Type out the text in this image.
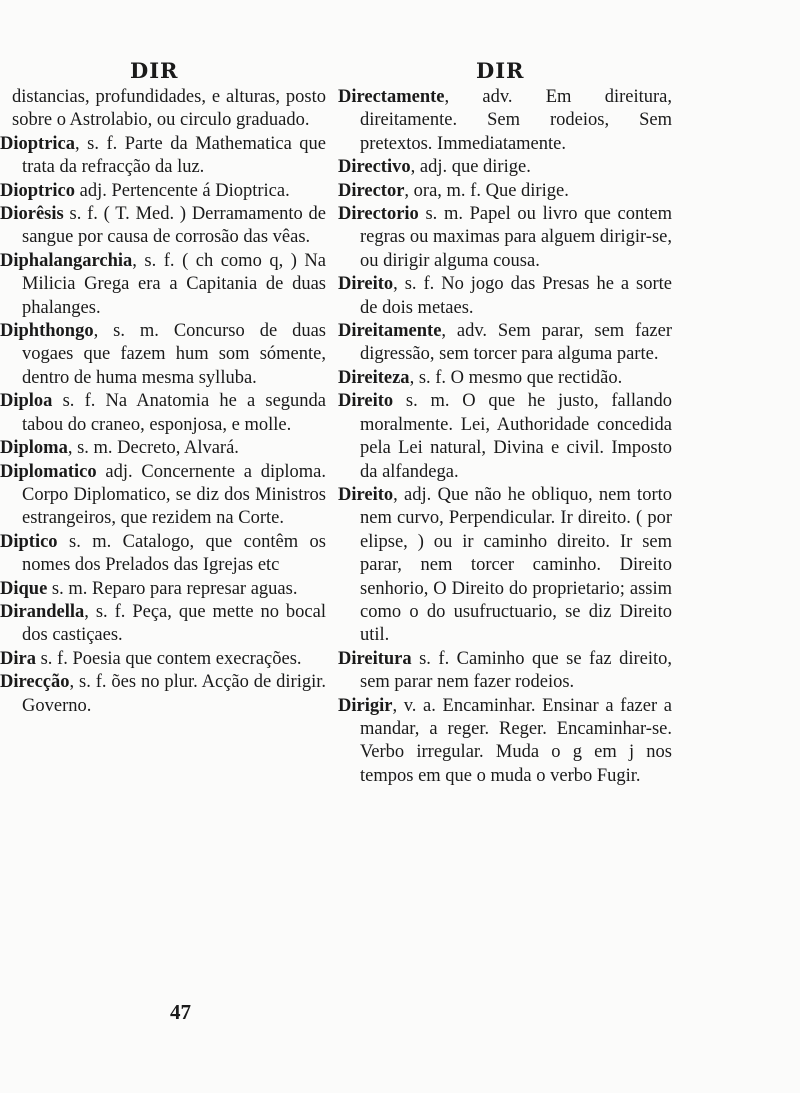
DIR	DIR

distancias, profundidades, e alturas, posto sobre o Astrolabio, ou circulo graduado.

Dioptrica, s. f. Parte da Mathematica que trata da refracção da luz.

Dioptrico adj. Pertencente á Dioptrica.

Diorêsis s. f. ( T. Med. ) Derramamento de sangue por causa de corrosão das vêas.

Diphalangarchia, s. f. ( ch como q, ) Na Milicia Grega era a Capitania de duas phalanges.

Diphthongo, s. m. Concurso de duas vogaes que fazem hum som sómente, dentro de huma mesma sylluba.

Diploa s. f. Na Anatomia he a segunda tabou do craneo, esponjosa, e molle.

Diploma, s. m. Decreto, Alvará.

Diplomatico adj. Concernente a diploma. Corpo Diplomatico, se diz dos Ministros estrangeiros, que rezidem na Corte.

Diptico s. m. Catalogo, que contêm os nomes dos Prelados das Igrejas etc

Dique s. m. Reparo para represar aguas.

Dirandella, s. f. Peça, que mette no bocal dos castiçaes.

Dira s. f. Poesia que contem execrações.

Direcção, s. f. ões no plur. Acção de dirigir. Governo.

Directamente, adv. Em direitura, direitamente. Sem rodeios, Sem pretextos. Immediatamente.

Directivo, adj. que dirige.

Director, ora, m. f. Que dirige.

Directorio s. m. Papel ou livro que contem regras ou maximas para alguem dirigir-se, ou dirigir alguma cousa.

Direito, s. f. No jogo das Presas he a sorte de dois metaes.

Direitamente, adv. Sem parar, sem fazer digressão, sem torcer para alguma parte.

Direiteza, s. f. O mesmo que rectidão.

Direito s. m. O que he justo, fallando moralmente. Lei, Authoridade concedida pela Lei natural, Divina e civil. Imposto da alfandega.

Direito, adj. Que não he obliquo, nem torto nem curvo, Perpendicular. Ir direito. ( por elipse, ) ou ir caminho direito. Ir sem parar, nem torcer caminho. Direito senhorio, O Direito do proprietario; assim como o do usufructuario, se diz Direito util.

Direitura s. f. Caminho que se faz direito, sem parar nem fazer rodeios.

Dirigir, v. a. Encaminhar. Ensinar a fazer a mandar, a reger. Reger. Encaminhar-se. Verbo irregular. Muda o g em j nos tempos em que o muda o verbo Fugir.

47
